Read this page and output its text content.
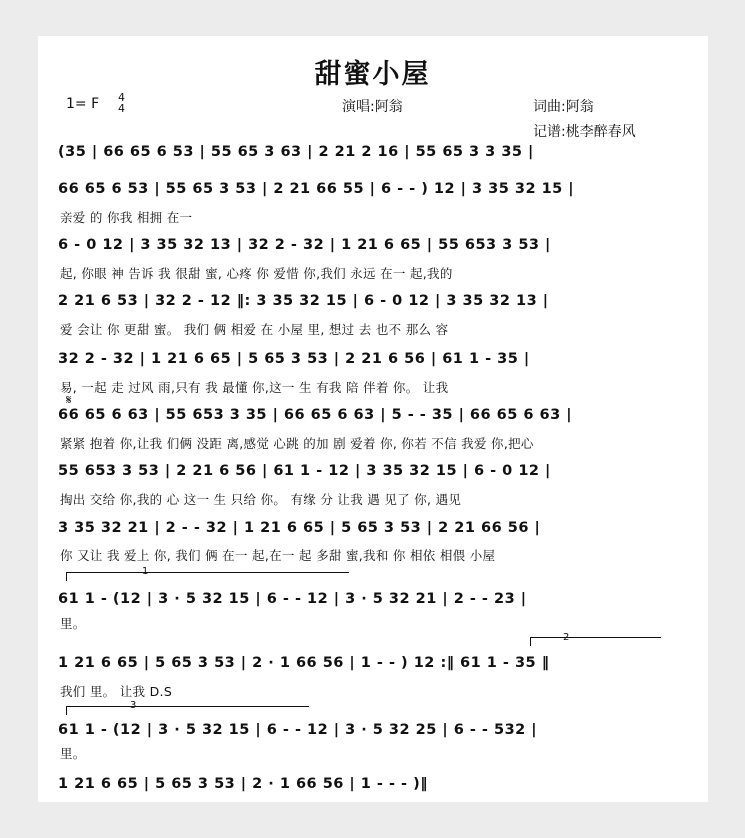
甜蜜小屋
1= F 4
4	演唱:阿翁	词曲:阿翁
记谱:桃李醉春风
(35 | 66 65 6 53 | 55 65 3 63 | 2 21 2 16 | 55 65 3 3 35 |
66 65 6 53 | 55 65 3 53 | 2 21 66 55 | 6 - - ) 12 | 3 35 32 15 |
亲爱 的 你我 相拥 在一
6 - 0 12 | 3 35 32 13 | 32 2 - 32 | 1 21 6 65 | 55 653 3 53 |
起, 你眼 神 告诉 我 很甜 蜜, 心疼 你 爱惜 你,我们 永远 在一 起,我的
2 21 6 53 | 32 2 - 12 ‖: 3 35 32 15 | 6 - 0 12 | 3 35 32 13 |
爱 会让 你 更甜 蜜。 我们 俩 相爱 在 小屋 里, 想过 去 也不 那么 容
32 2 - 32 | 1 21 6 65 | 5 65 3 53 | 2 21 6 56 | 61 1 - 35 |
易, 一起 走 过风 雨,只有 我 最懂 你,这一 生 有我 陪 伴着 你。 让我
𝄋
66 65 6 63 | 55 653 3 35 | 66 65 6 63 | 5 - - 35 | 66 65 6 63 |
紧紧 抱着 你,让我 们俩 没距 离,感觉 心跳 的加 剧 爱着 你, 你若 不信 我爱 你,把心
55 653 3 53 | 2 21 6 56 | 61 1 - 12 | 3 35 32 15 | 6 - 0 12 |
掏出 交给 你,我的 心 这一 生 只给 你。 有缘 分 让我 遇 见了 你, 遇见
3 35 32 21 | 2 - - 32 | 1 21 6 65 | 5 65 3 53 | 2 21 66 56 |
你 又让 我 爱上 你, 我们 俩 在一 起,在一 起 多甜 蜜,我和 你 相依 相偎 小屋
1
61 1 - (12 | 3 · 5 32 15 | 6 - - 12 | 3 · 5 32 21 | 2 - - 23 |
里。
2
1 21 6 65 | 5 65 3 53 | 2 · 1 66 56 | 1 - - ) 12 :‖ 61 1 - 35 ‖
我们 里。 让我 D.S
3
61 1 - (12 | 3 · 5 32 15 | 6 - - 12 | 3 · 5 32 25 | 6 - - 532 |
里。
1 21 6 65 | 5 65 3 53 | 2 · 1 66 56 | 1 - - - )‖
